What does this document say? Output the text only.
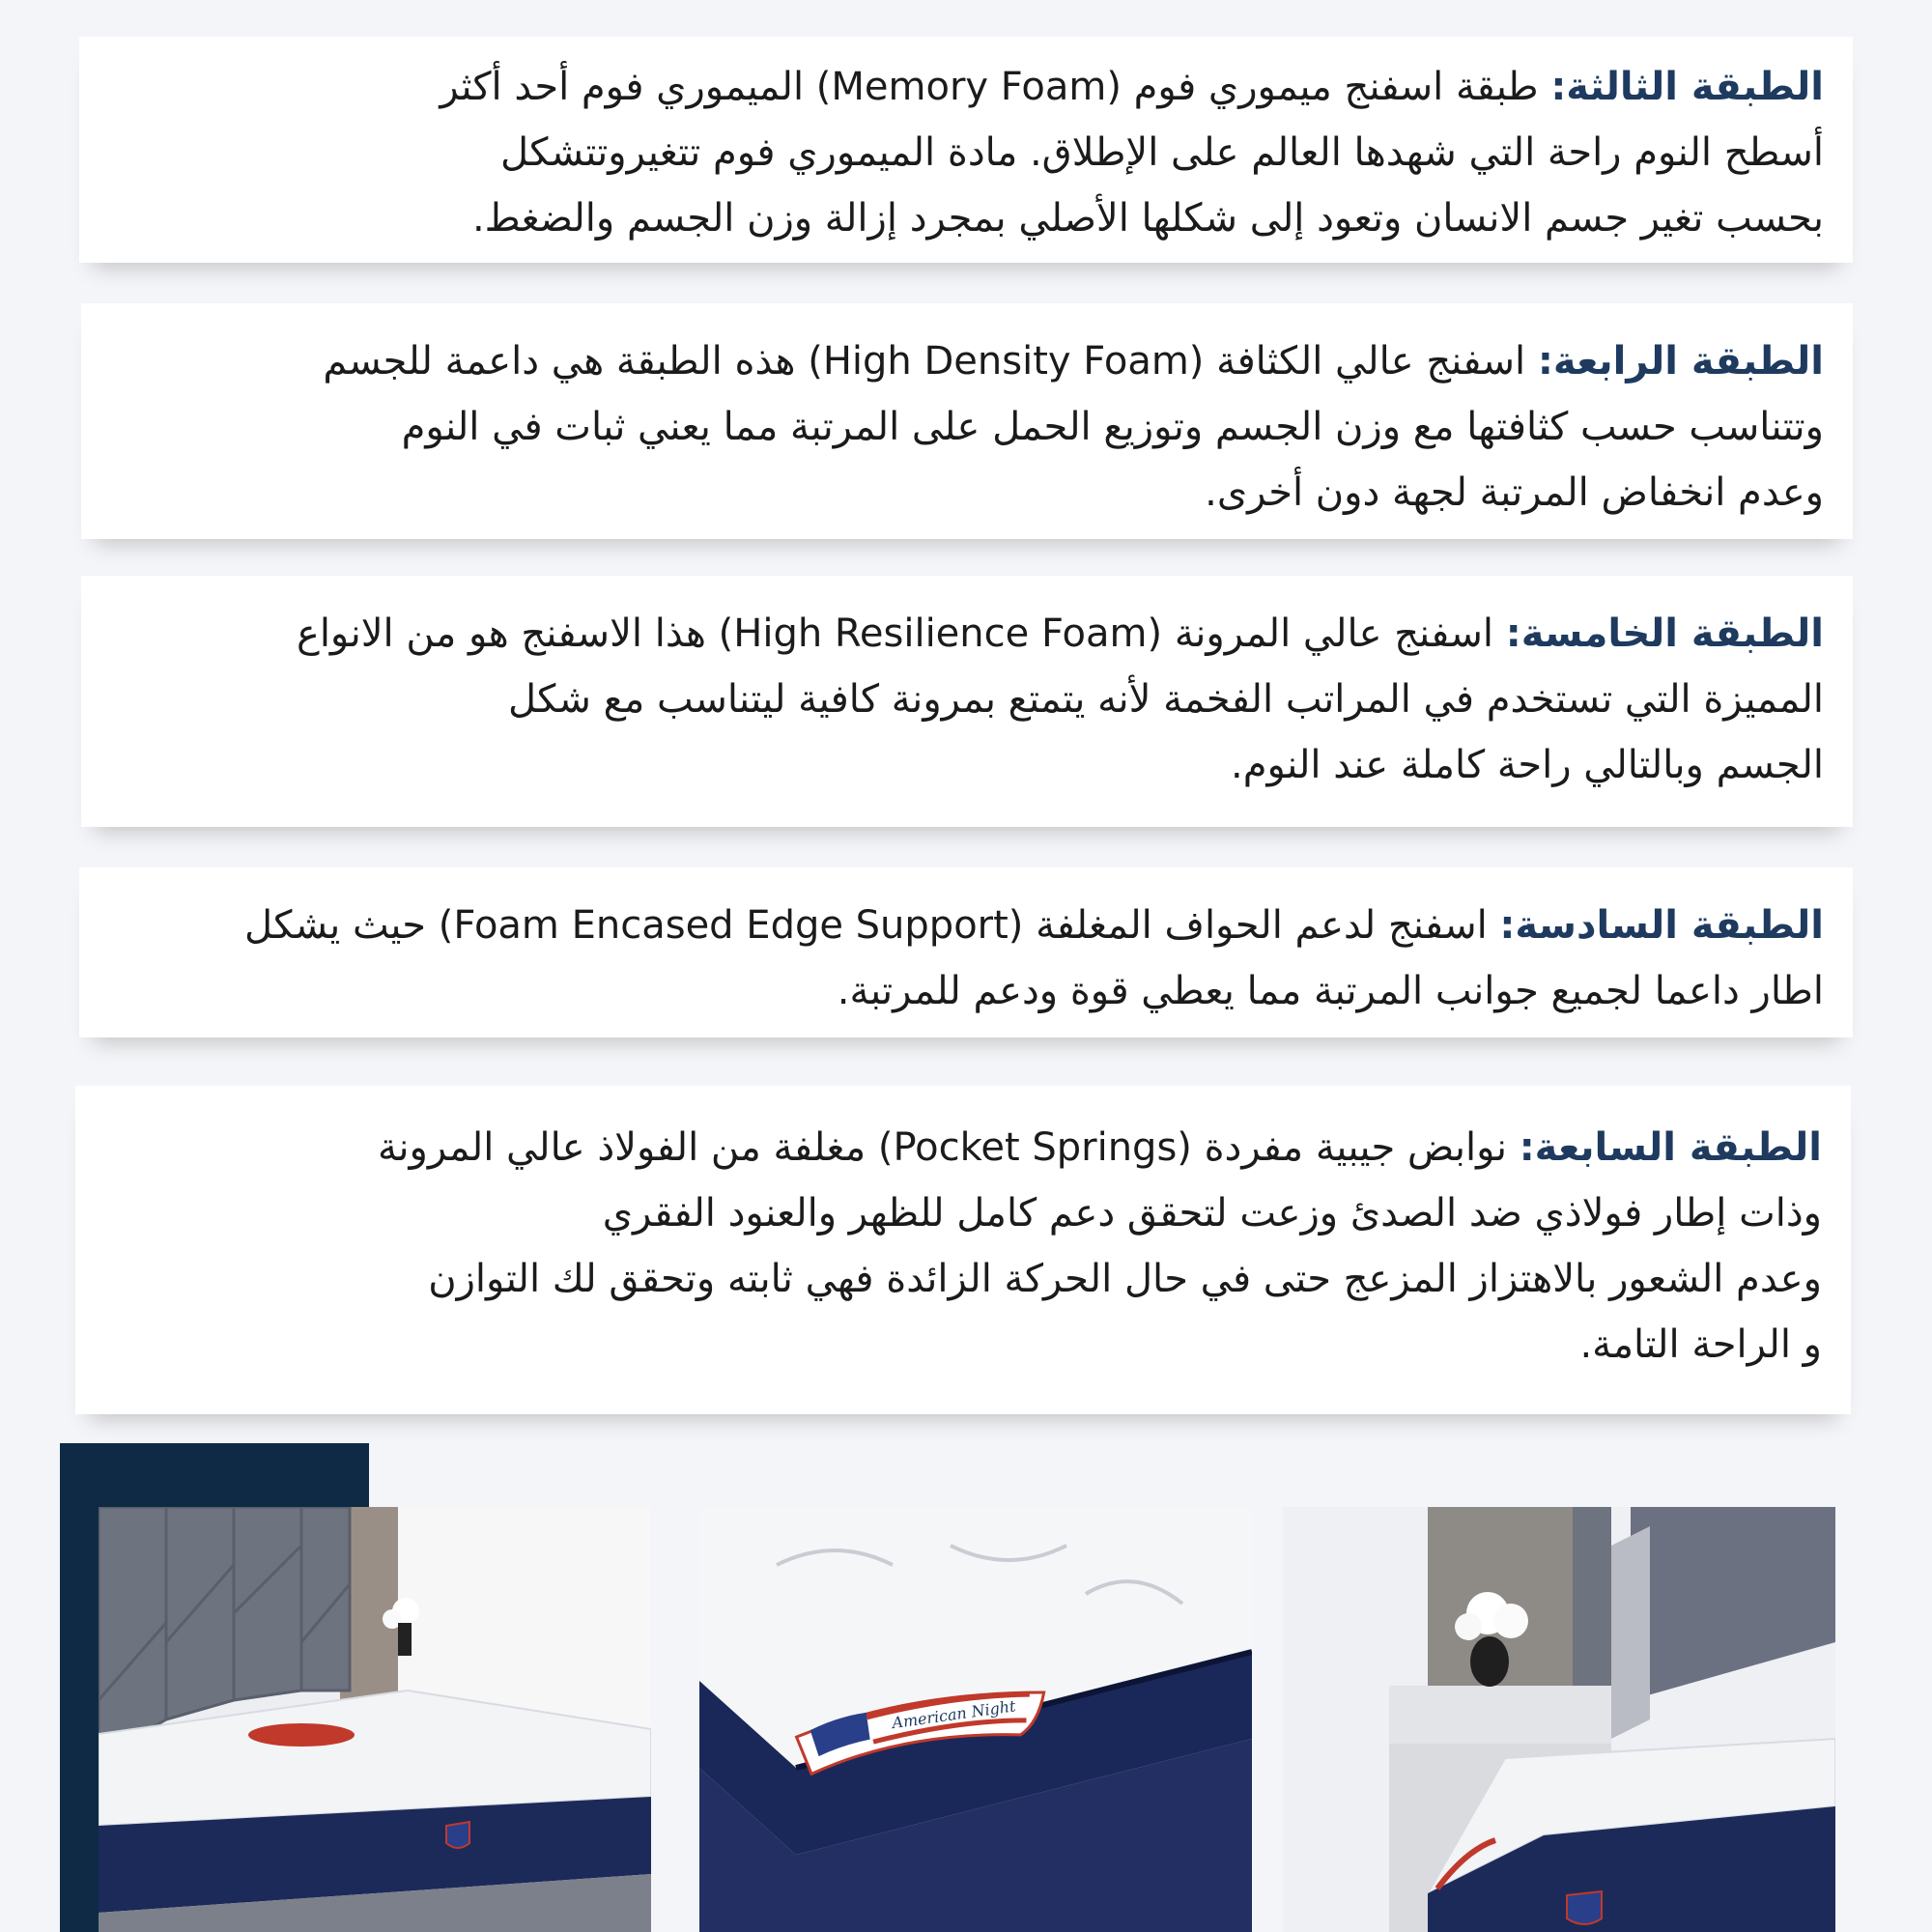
الطبقة الثالثة: طبقة اسفنج ميموري فوم (Memory Foam) الميموري فوم أحد أكثر
أسطح النوم راحة التي شهدها العالم على الإطلاق. مادة الميموري فوم تتغيروتتشكل
بحسب تغير جسم الانسان وتعود إلى شكلها الأصلي بمجرد إزالة وزن الجسم والضغط.

الطبقة الرابعة: اسفنج عالي الكثافة (High Density Foam) هذه الطبقة هي داعمة للجسم
وتتناسب حسب كثافتها مع وزن الجسم وتوزيع الحمل على المرتبة مما يعني ثبات في النوم
وعدم انخفاض المرتبة لجهة دون أخرى.

الطبقة الخامسة: اسفنج عالي المرونة (High Resilience Foam) هذا الاسفنج هو من الانواع
المميزة التي تستخدم في المراتب الفخمة لأنه يتمتع بمرونة كافية ليتناسب مع شكل
الجسم وبالتالي راحة كاملة عند النوم.

الطبقة السادسة: اسفنج لدعم الحواف المغلفة (Foam Encased Edge Support) حيث يشكل
اطار داعما لجميع جوانب المرتبة مما يعطي قوة ودعم للمرتبة.

الطبقة السابعة: نوابض جيبية مفردة (Pocket Springs) مغلفة من الفولاذ عالي المرونة
وذات إطار فولاذي ضد الصدئ وزعت لتحقق دعم كامل للظهر والعنود الفقري
وعدم الشعور بالاهتزاز المزعج حتى في حال الحركة الزائدة فهي ثابته وتحقق لك التوازن
و الراحة التامة.

American Night
